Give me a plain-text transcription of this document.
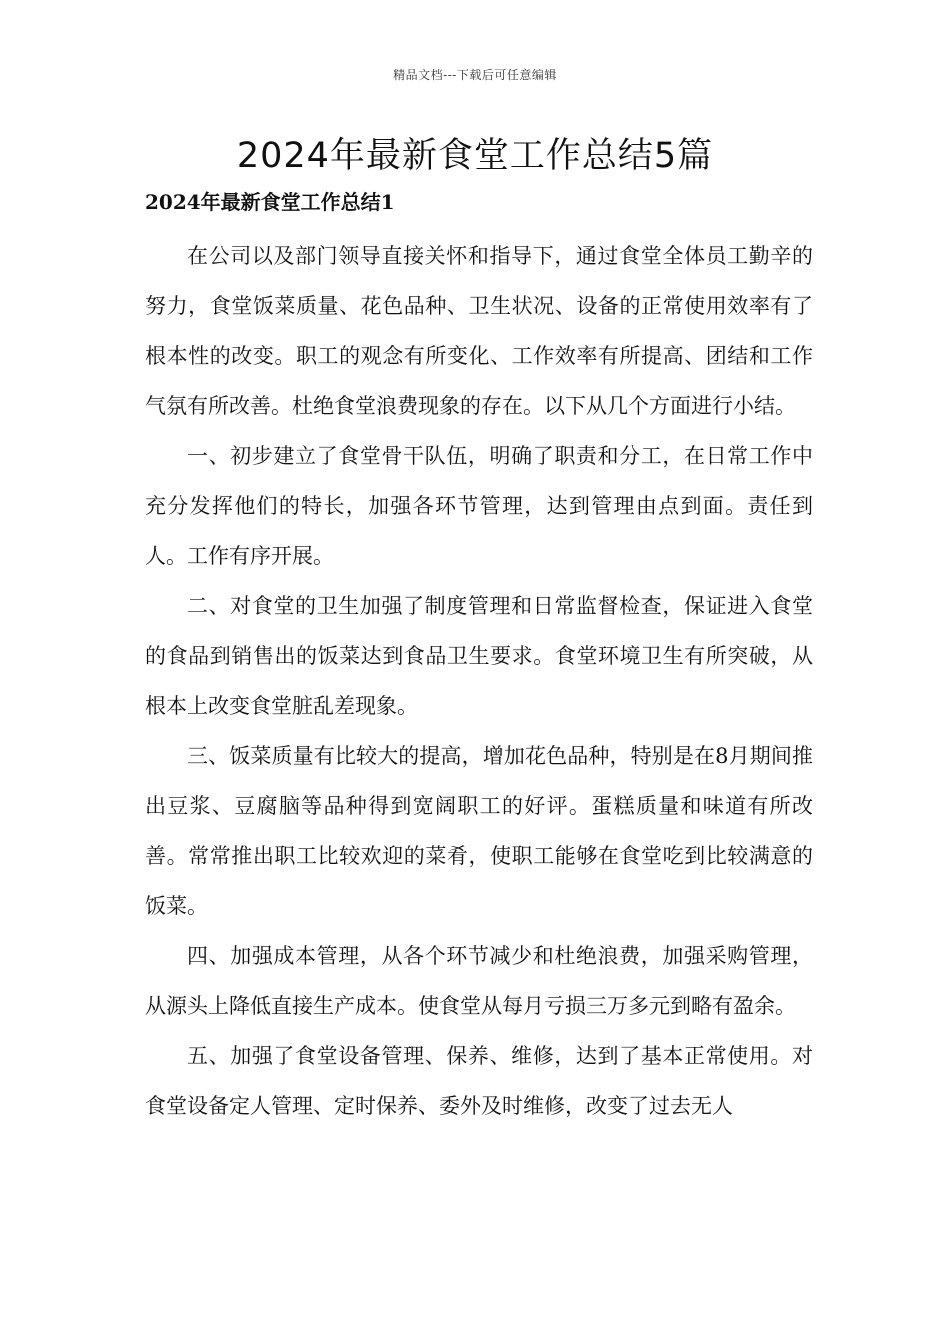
精品文档---下载后可任意编辑
2024年最新食堂工作总结5篇
2024年最新食堂工作总结1

在公司以及部门领导直接关怀和指导下，通过食堂全体员工勤辛的努力，食堂饭菜质量、花色品种、卫生状况、设备的正常使用效率有了根本性的改变。职工的观念有所变化、工作效率有所提高、团结和工作气氛有所改善。杜绝食堂浪费现象的存在。以下从几个方面进行小结。

一、初步建立了食堂骨干队伍，明确了职责和分工，在日常工作中充分发挥他们的特长，加强各环节管理，达到管理由点到面。责任到人。工作有序开展。

二、对食堂的卫生加强了制度管理和日常监督检查，保证进入食堂的食品到销售出的饭菜达到食品卫生要求。食堂环境卫生有所突破，从根本上改变食堂脏乱差现象。

三、饭菜质量有比较大的提高，增加花色品种，特别是在8月期间推出豆浆、豆腐脑等品种得到宽阔职工的好评。蛋糕质量和味道有所改善。常常推出职工比较欢迎的菜肴，使职工能够在食堂吃到比较满意的饭菜。

四、加强成本管理，从各个环节减少和杜绝浪费，加强采购管理，从源头上降低直接生产成本。使食堂从每月亏损三万多元到略有盈余。

五、加强了食堂设备管理、保养、维修，达到了基本正常使用。对食堂设备定人管理、定时保养、委外及时维修，改变了过去无人
